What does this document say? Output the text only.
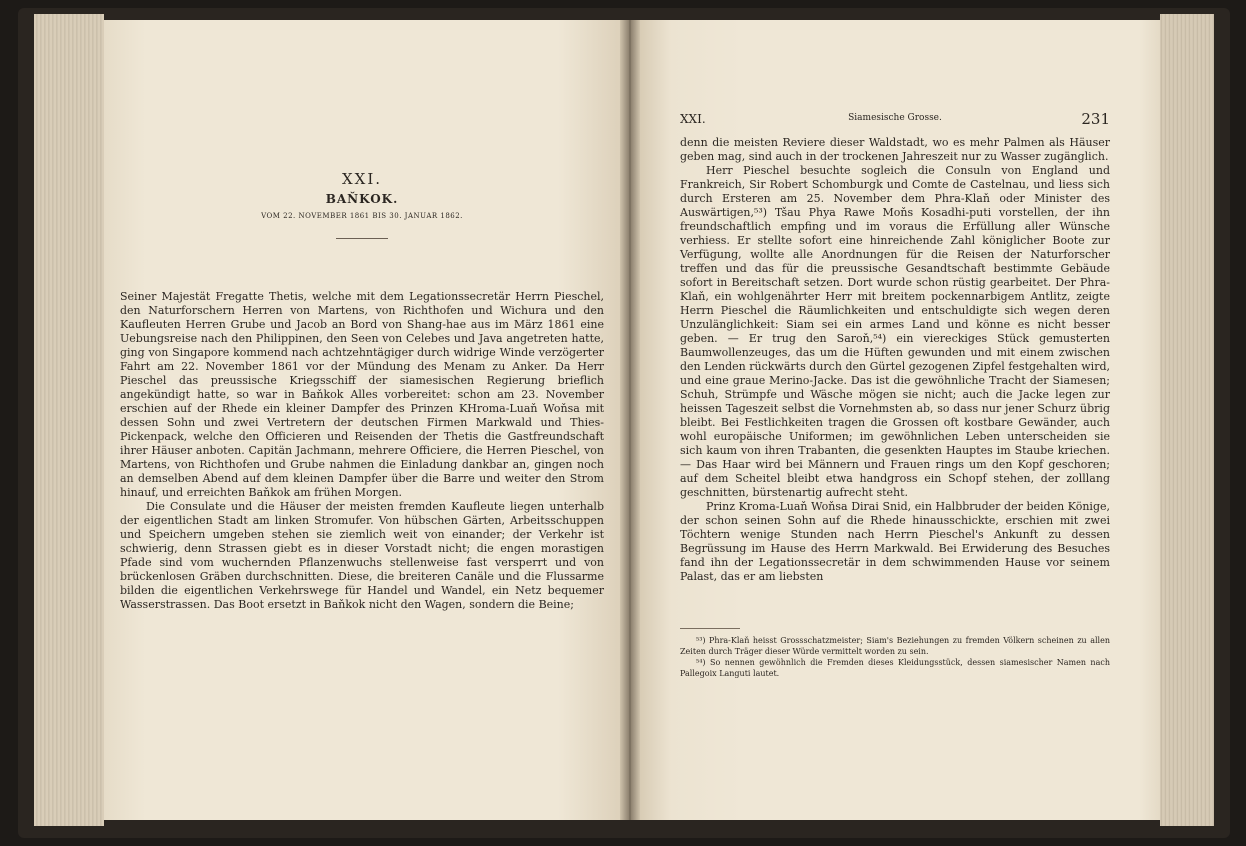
XXI.
BAŇKOK.
VOM 22. NOVEMBER 1861 BIS 30. JANUAR 1862.

Seiner Majestät Fregatte Thetis, welche mit dem Legationssecretär Herrn Pieschel, den Naturforschern Herren von Martens, von Richthofen und Wichura und den Kaufleuten Herren Grube und Jacob an Bord von Shang-hae aus im März 1861 eine Uebungsreise nach den Philippinen, den Seen von Celebes und Java angetreten hatte, ging von Singapore kommend nach achtzehntägiger durch widrige Winde verzögerter Fahrt am 22. November 1861 vor der Mündung des Menam zu Anker. Da Herr Pieschel das preussische Kriegsschiff der siamesischen Regierung brieflich angekündigt hatte, so war in Baňkok Alles vorbereitet: schon am 23. November erschien auf der Rhede ein kleiner Dampfer des Prinzen KHroma-Luaň Woňsa mit dessen Sohn und zwei Vertretern der deutschen Firmen Markwald und Thies-Pickenpack, welche den Officieren und Reisenden der Thetis die Gastfreundschaft ihrer Häuser anboten. Capitän Jachmann, mehrere Officiere, die Herren Pieschel, von Martens, von Richthofen und Grube nahmen die Einladung dankbar an, gingen noch an demselben Abend auf dem kleinen Dampfer über die Barre und weiter den Strom hinauf, und erreichten Baňkok am frühen Morgen.

Die Consulate und die Häuser der meisten fremden Kaufleute liegen unterhalb der eigentlichen Stadt am linken Stromufer. Von hübschen Gärten, Arbeitsschuppen und Speichern umgeben stehen sie ziemlich weit von einander; der Verkehr ist schwierig, denn Strassen giebt es in dieser Vorstadt nicht; die engen morastigen Pfade sind vom wuchernden Pflanzenwuchs stellenweise fast versperrt und von brückenlosen Gräben durchschnitten. Diese, die breiteren Canäle und die Flussarme bilden die eigentlichen Verkehrswege für Handel und Wandel, ein Netz bequemer Wasserstrassen. Das Boot ersetzt in Baňkok nicht den Wagen, sondern die Beine;

XXI.	Siamesische Grosse.	231

denn die meisten Reviere dieser Waldstadt, wo es mehr Palmen als Häuser geben mag, sind auch in der trockenen Jahreszeit nur zu Wasser zugänglich.

Herr Pieschel besuchte sogleich die Consuln von England und Frankreich, Sir Robert Schomburgk und Comte de Castelnau, und liess sich durch Ersteren am 25. November dem Phra-Klaň oder Minister des Auswärtigen,⁵³) Tšau Phya Rawe Moňs Kosadhi-puti vorstellen, der ihn freundschaftlich empfing und im voraus die Erfüllung aller Wünsche verhiess. Er stellte sofort eine hinreichende Zahl königlicher Boote zur Verfügung, wollte alle Anordnungen für die Reisen der Naturforscher treffen und das für die preussische Gesandtschaft bestimmte Gebäude sofort in Bereitschaft setzen. Dort wurde schon rüstig gearbeitet. Der Phra-Klaň, ein wohlgenährter Herr mit breitem pockennarbigem Antlitz, zeigte Herrn Pieschel die Räumlichkeiten und entschuldigte sich wegen deren Unzulänglichkeit: Siam sei ein armes Land und könne es nicht besser geben. — Er trug den Saroň,⁵⁴) ein viereckiges Stück gemusterten Baumwollenzeuges, das um die Hüften gewunden und mit einem zwischen den Lenden rückwärts durch den Gürtel gezogenen Zipfel festgehalten wird, und eine graue Merino-Jacke. Das ist die gewöhnliche Tracht der Siamesen; Schuh, Strümpfe und Wäsche mögen sie nicht; auch die Jacke legen zur heissen Tageszeit selbst die Vornehmsten ab, so dass nur jener Schurz übrig bleibt. Bei Festlichkeiten tragen die Grossen oft kostbare Gewänder, auch wohl europäische Uniformen; im gewöhnlichen Leben unterscheiden sie sich kaum von ihren Trabanten, die gesenkten Hauptes im Staube kriechen. — Das Haar wird bei Männern und Frauen rings um den Kopf geschoren; auf dem Scheitel bleibt etwa handgross ein Schopf stehen, der zolllang geschnitten, bürstenartig aufrecht steht.

Prinz Kroma-Luaň Woňsa Dirai Snid, ein Halbbruder der beiden Könige, der schon seinen Sohn auf die Rhede hinausschickte, erschien mit zwei Töchtern wenige Stunden nach Herrn Pieschel's Ankunft zu dessen Begrüssung im Hause des Herrn Markwald. Bei Erwiderung des Besuches fand ihn der Legationssecretär in dem schwimmenden Hause vor seinem Palast, das er am liebsten

⁵³) Phra-Klaň heisst Grossschatzmeister; Siam's Beziehungen zu fremden Völkern scheinen zu allen Zeiten durch Träger dieser Würde vermittelt worden zu sein.

⁵⁴) So nennen gewöhnlich die Fremden dieses Kleidungsstück, dessen siamesischer Namen nach Pallegoix Languti lautet.
